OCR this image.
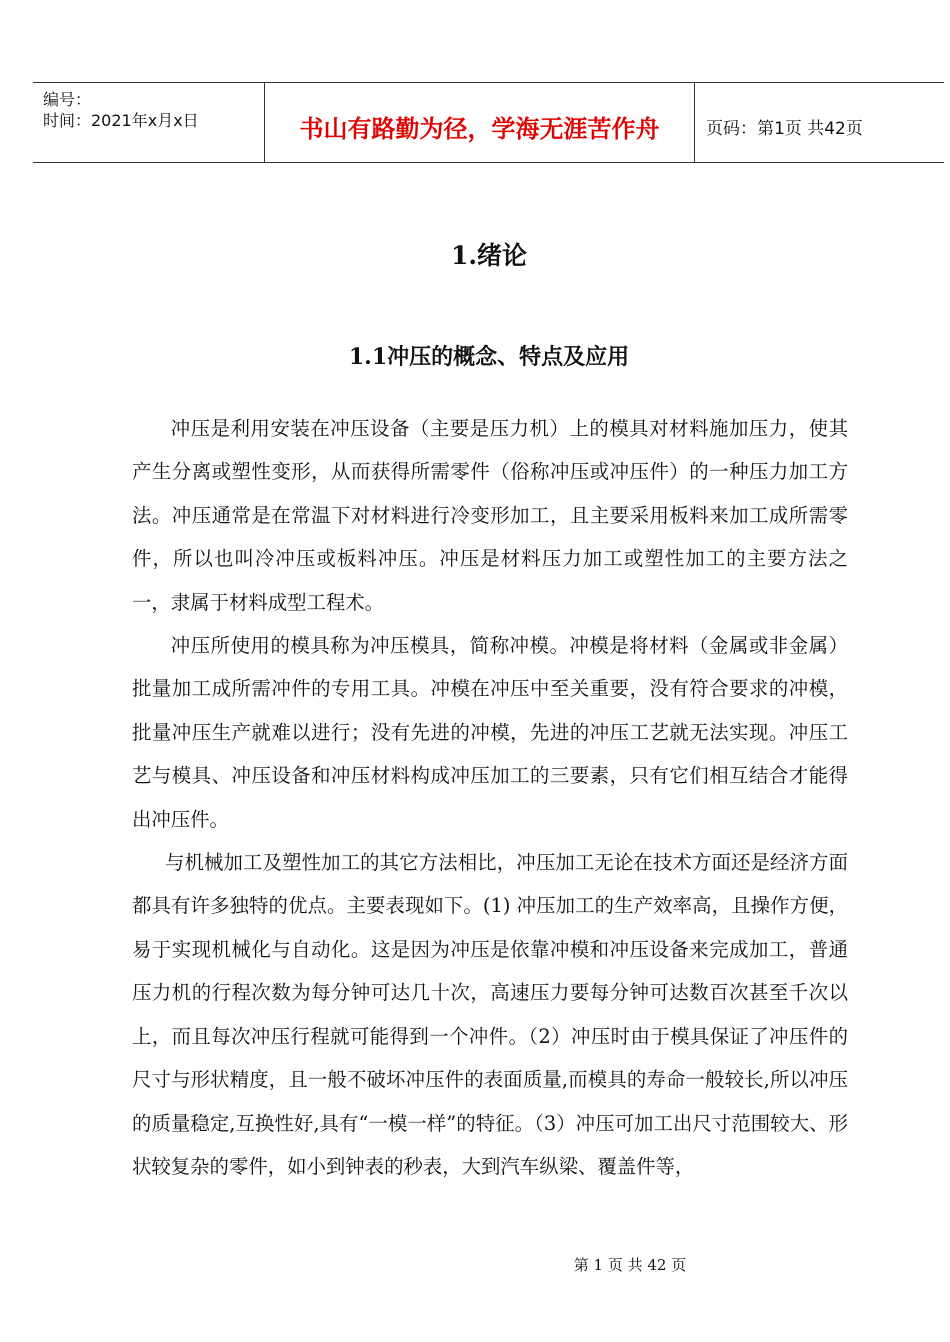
编号：
时间：2021年x月x日	书山有路勤为径，学海无涯苦作舟	页码：第1页 共42页
1.绪论
1.1冲压的概念、特点及应用

冲压是利用安装在冲压设备（主要是压力机）上的模具对材料施加压力，使其产生分离或塑性变形，从而获得所需零件（俗称冲压或冲压件）的一种压力加工方法。冲压通常是在常温下对材料进行冷变形加工，且主要采用板料来加工成所需零件，所以也叫冷冲压或板料冲压。冲压是材料压力加工或塑性加工的主要方法之一，隶属于材料成型工程术。

冲压所使用的模具称为冲压模具，简称冲模。冲模是将材料（金属或非金属）批量加工成所需冲件的专用工具。冲模在冲压中至关重要，没有符合要求的冲模，批量冲压生产就难以进行；没有先进的冲模，先进的冲压工艺就无法实现。冲压工艺与模具、冲压设备和冲压材料构成冲压加工的三要素，只有它们相互结合才能得出冲压件。

与机械加工及塑性加工的其它方法相比，冲压加工无论在技术方面还是经济方面都具有许多独特的优点。主要表现如下。(1) 冲压加工的生产效率高，且操作方便，易于实现机械化与自动化。这是因为冲压是依靠冲模和冲压设备来完成加工，普通压力机的行程次数为每分钟可达几十次，高速压力要每分钟可达数百次甚至千次以上，而且每次冲压行程就可能得到一个冲件。（2）冲压时由于模具保证了冲压件的尺寸与形状精度，且一般不破坏冲压件的表面质量,而模具的寿命一般较长,所以冲压的质量稳定,互换性好,具有“一模一样”的特征。（3）冲压可加工出尺寸范围较大、形状较复杂的零件，如小到钟表的秒表，大到汽车纵梁、覆盖件等，

第 1 页 共 42 页
